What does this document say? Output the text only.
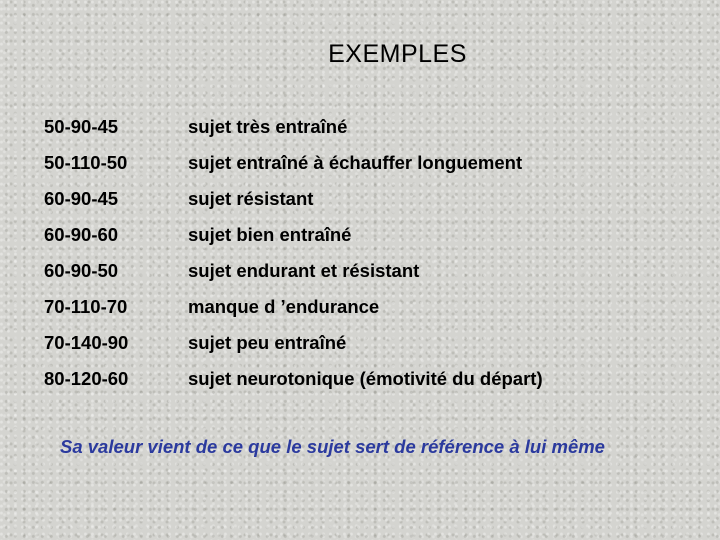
EXEMPLES
50-90-45	sujet très entraîné
50-110-50	sujet entraîné à échauffer longuement
60-90-45	sujet résistant
60-90-60	sujet bien entraîné
60-90-50	sujet endurant et résistant
70-110-70	manque d ’endurance
70-140-90	sujet peu entraîné
80-120-60	sujet neurotonique (émotivité du départ)
Sa valeur vient de ce que le sujet sert de référence à lui même
